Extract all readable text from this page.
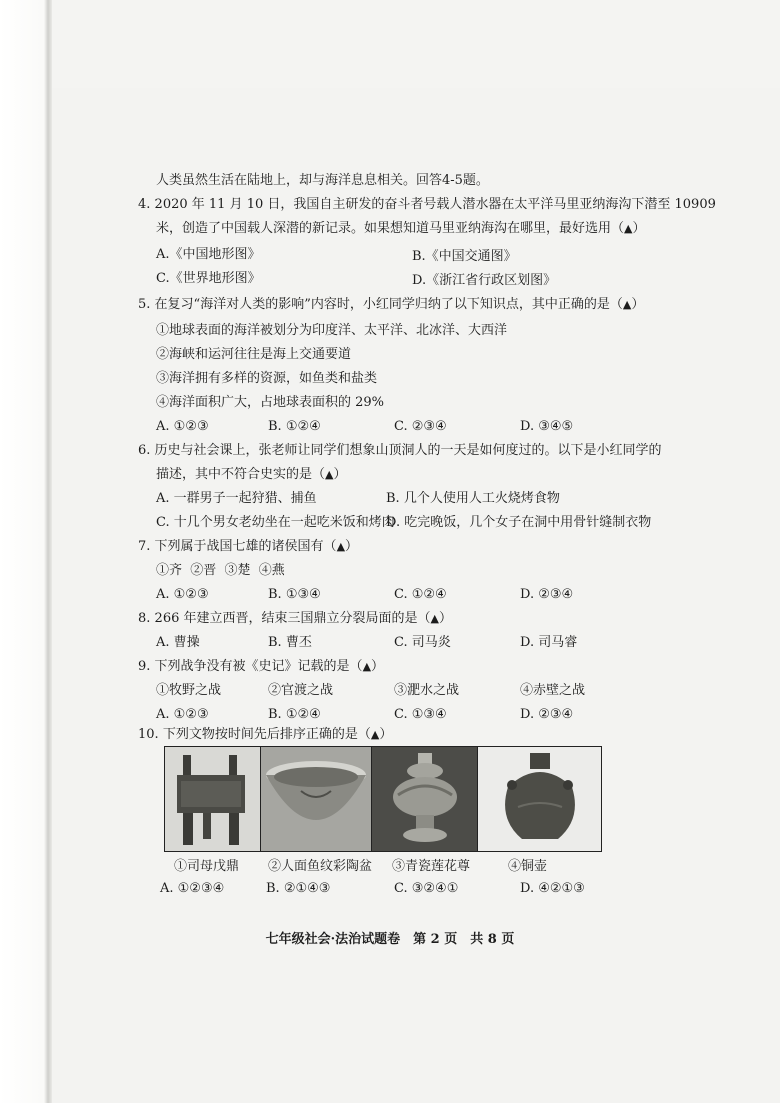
人类虽然生活在陆地上，却与海洋息息相关。回答4-5题。
4. 2020 年 11 月 10 日，我国自主研发的奋斗者号载人潜水器在太平洋马里亚纳海沟下潜至 10909
米，创造了中国载人深潜的新记录。如果想知道马里亚纳海沟在哪里，最好选用（▲）
A.《中国地形图》	B.《中国交通图》
C.《世界地形图》	D.《浙江省行政区划图》
5. 在复习“海洋对人类的影响”内容时，小红同学归纳了以下知识点，其中正确的是（▲）
①地球表面的海洋被划分为印度洋、太平洋、北冰洋、大西洋
②海峡和运河往往是海上交通要道
③海洋拥有多样的资源，如鱼类和盐类
④海洋面积广大，占地球表面积的 29%
A. ①②③	B. ①②④	C. ②③④	D. ③④⑤
6. 历史与社会课上，张老师让同学们想象山顶洞人的一天是如何度过的。以下是小红同学的
描述，其中不符合史实的是（▲）
A. 一群男子一起狩猎、捕鱼	B. 几个人使用人工火烧烤食物
C. 十几个男女老幼坐在一起吃米饭和烤肉
D. 吃完晚饭，几个女子在洞中用骨针缝制衣物
7. 下列属于战国七雄的诸侯国有（▲）
①齐  ②晋  ③楚  ④燕
A. ①②③	B. ①③④	C. ①②④	D. ②③④
8. 266 年建立西晋，结束三国鼎立分裂局面的是（▲）
A. 曹操	B. 曹丕	C. 司马炎	D. 司马睿
9. 下列战争没有被《史记》记载的是（▲）
①牧野之战	②官渡之战	③淝水之战	④赤壁之战
A. ①②③	B. ①②④	C. ①③④	D. ②③④
10. 下列文物按时间先后排序正确的是（▲）
①司母戊鼎 ②人面鱼纹彩陶盆 ③青瓷莲花尊	④铜壶
A. ①②③④	B. ②①④③	C. ③②④①	D. ④②①③
七年级社会·法治试题卷　第 2 页　共 8 页
